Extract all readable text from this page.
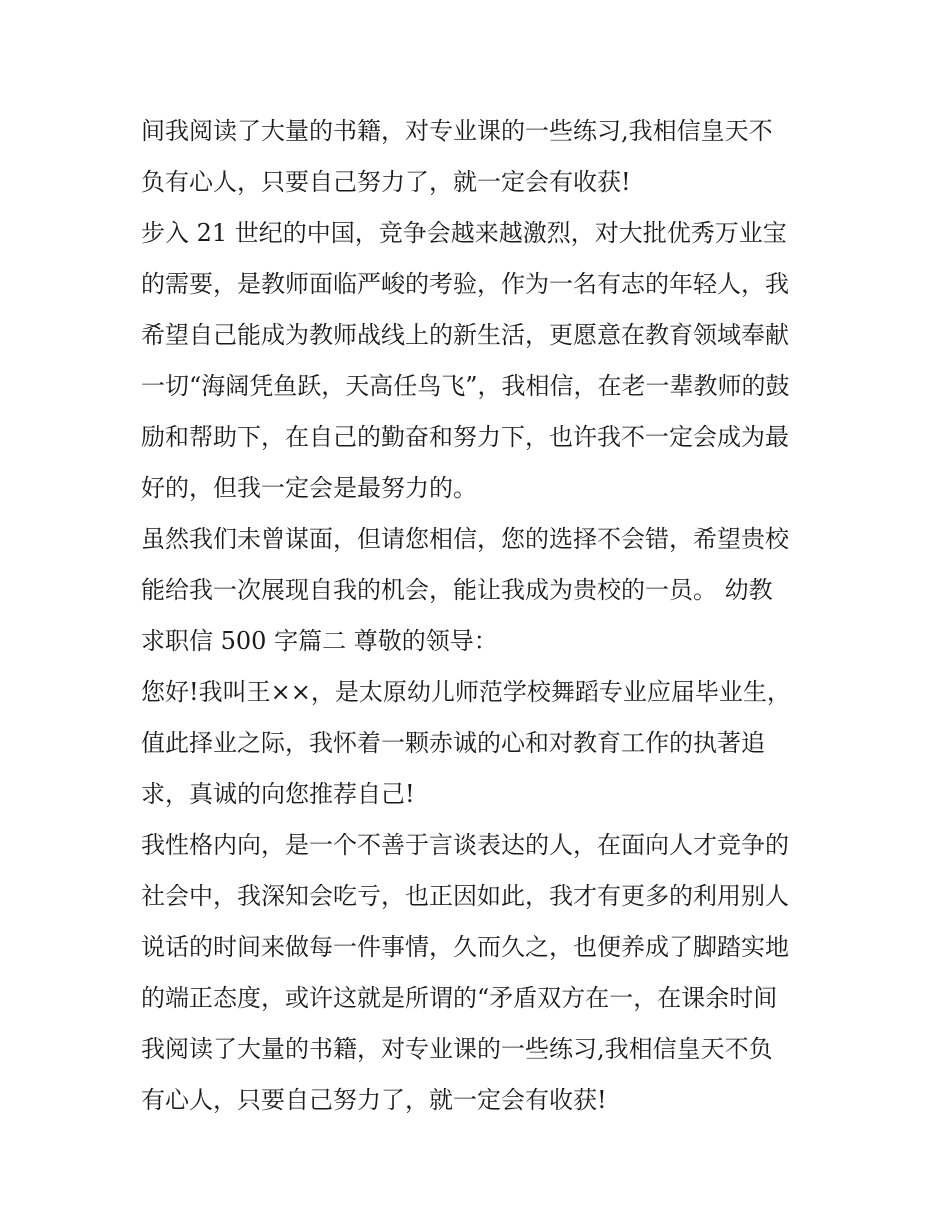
间我阅读了大量的书籍，对专业课的一些练习,我相信皇天不
负有心人，只要自己努力了，就一定会有收获!
步入 21 世纪的中国，竞争会越来越激烈，对大批优秀万业宝
的需要，是教师面临严峻的考验，作为一名有志的年轻人，我
希望自己能成为教师战线上的新生活，更愿意在教育领域奉献
一切“海阔凭鱼跃，天高任鸟飞”，我相信，在老一辈教师的鼓
励和帮助下，在自己的勤奋和努力下，也许我不一定会成为最
好的，但我一定会是最努力的。
虽然我们未曾谋面，但请您相信，您的选择不会错，希望贵校
能给我一次展现自我的机会，能让我成为贵校的一员。 幼教
求职信 500 字篇二 尊敬的领导：
您好!我叫王××，是太原幼儿师范学校舞蹈专业应届毕业生，
值此择业之际，我怀着一颗赤诚的心和对教育工作的执著追
求，真诚的向您推荐自己!
我性格内向，是一个不善于言谈表达的人，在面向人才竞争的
社会中，我深知会吃亏，也正因如此，我才有更多的利用别人
说话的时间来做每一件事情，久而久之，也便养成了脚踏实地
的端正态度，或许这就是所谓的“矛盾双方在一，在课余时间
我阅读了大量的书籍，对专业课的一些练习,我相信皇天不负
有心人，只要自己努力了，就一定会有收获!
